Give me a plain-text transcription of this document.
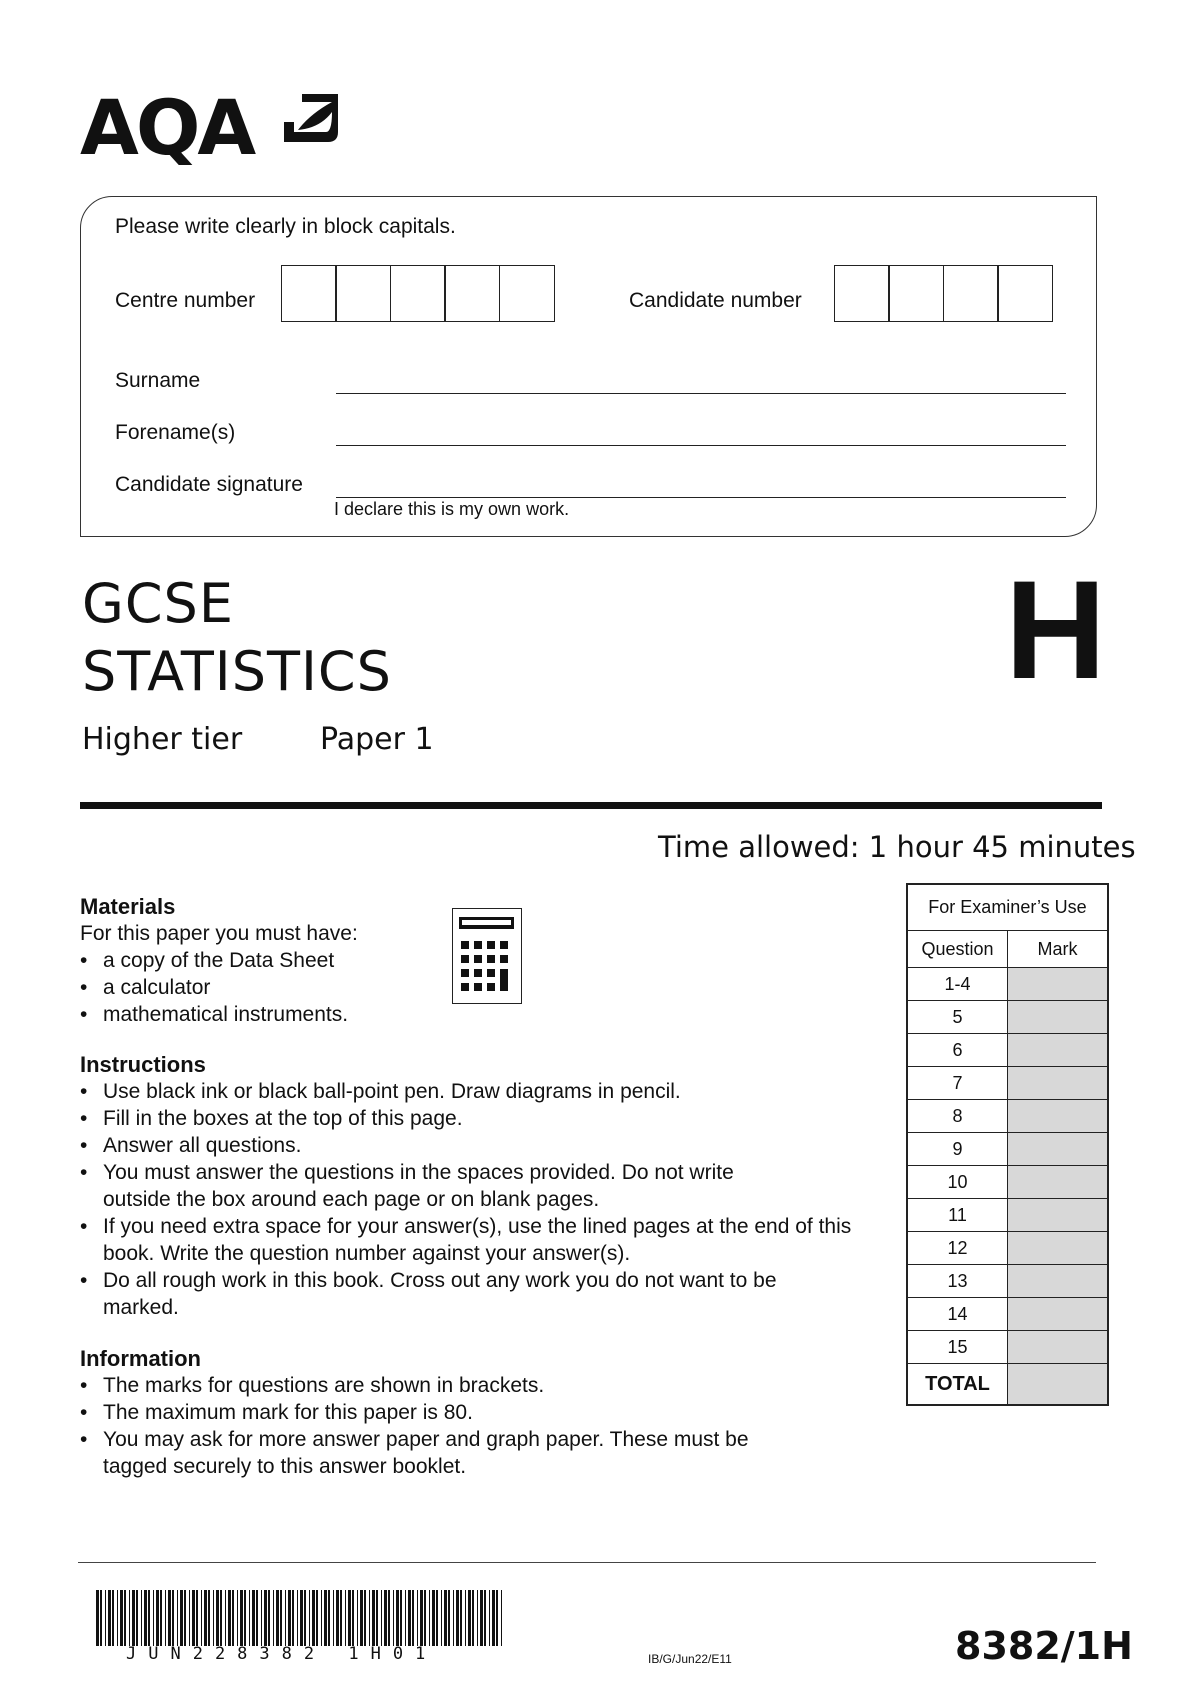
AQA
Please write clearly in block capitals.
Centre number	Candidate number
Surname
Forename(s)
Candidate signature
I declare this is my own work.
GCSE
STATISTICS
Higher tier	Paper 1
H
Time allowed: 1 hour 45 minutes
Materials
For this paper you must have:
• a copy of the Data Sheet
• a calculator
• mathematical instruments.
Instructions
• Use black ink or black ball-point pen. Draw diagrams in pencil.
• Fill in the boxes at the top of this page.
• Answer all questions.
• You must answer the questions in the spaces provided. Do not write outside the box around each page or on blank pages.
• If you need extra space for your answer(s), use the lined pages at the end of this book. Write the question number against your answer(s).
• Do all rough work in this book. Cross out any work you do not want to be marked.
Information
• The marks for questions are shown in brackets.
• The maximum mark for this paper is 80.
• You may ask for more answer paper and graph paper. These must be tagged securely to this answer booklet.
For Examiner’s Use	
Question	Mark
1-4	
5	
6	
7	
8	
9	
10	
11	
12	
13	
14	
15	
TOTAL	
JUN228382 1H01	IB/G/Jun22/E11	8382/1H
